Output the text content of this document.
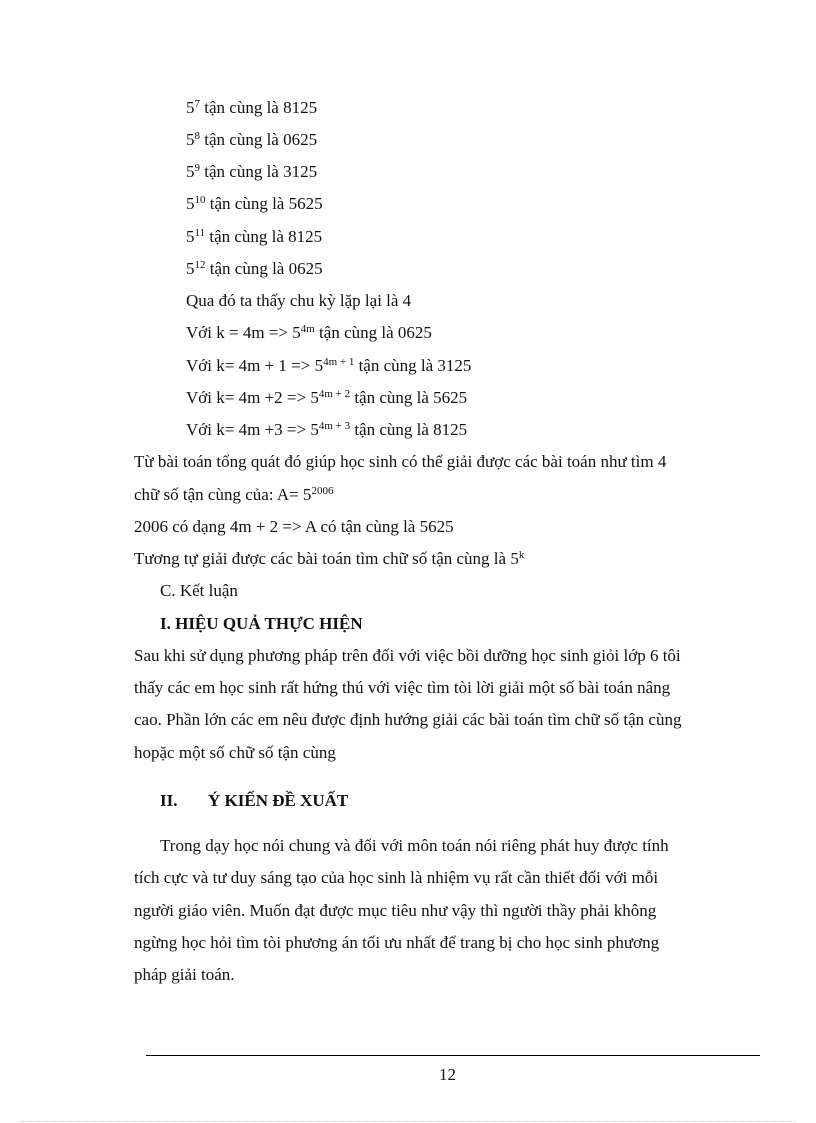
$5^7$ tận cùng là 8125
$5^8$ tận cùng là 0625
$5^9$ tận cùng là 3125
$5^{10}$ tận cùng là 5625
$5^{11}$ tận cùng là 8125
$5^{12}$ tận cùng là 0625
Qua đó ta thấy chu kỳ lặp lại là 4
Với $k = 4m => 5^{4m}$ tận cùng là 0625
Với $k= 4m + 1 => 5^{4m + 1}$ tận cùng là 3125
Với $k= 4m +2 => 5^{4m + 2}$ tận cùng là 5625
Với $k= 4m +3 => 5^{4m + 3}$ tận cùng là 8125
Từ bài toán tổng quát đó giúp học sinh có thể giải được các bài toán như tìm 4
chữ số tận cùng của: $A= 5^{2006}$
2006 có dạng 4m + 2 => A có tận cùng là 5625
Tương tự giải được các bài toán tìm chữ số tận cùng là 5$^k$
C. Kết luận
I. HIỆU QUẢ THỰC HIỆN
Sau khi sử dụng phương pháp trên đối với việc bồi dưỡng học sinh giỏi lớp 6 tôi
thấy các em học sinh rất hứng thú với việc tìm tòi lời giải một số bài toán nâng
cao. Phần lớn các em nêu được định hướng giải các bài toán tìm chữ số tận cùng
hopặc một số chữ số tận cùng
II. Ý KIẾN ĐỀ XUẤT
Trong dạy học nói chung và đối với môn toán nói riêng phát huy được tính
tích cực và tư duy sáng tạo của học sinh là nhiệm vụ rất cần thiết đối với mỗi
người giáo viên. Muốn đạt được mục tiêu như vậy thì người thầy phải không
ngừng học hỏi tìm tòi phương án tối ưu nhất để trang bị cho học sinh phương
pháp giải toán.
12
